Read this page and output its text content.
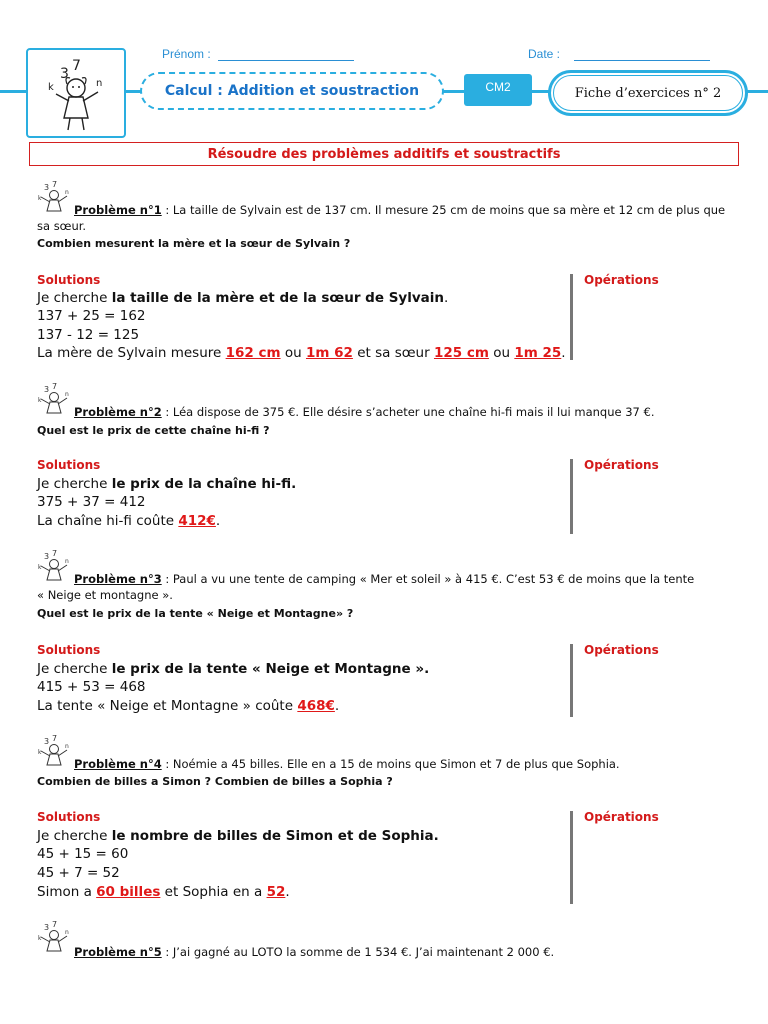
3 7
k	n
Prénom :	Date :
Calcul : Addition et soustraction	CM2	Fiche d’exercices n° 2
Résoudre des problèmes additifs et soustractifs
Problème n°1 : La taille de Sylvain est de 137 cm. Il mesure 25 cm de moins que sa mère et 12 cm de plus que
sa sœur.
Combien mesurent la mère et la sœur de Sylvain ?
Solutions	Opérations
Je cherche la taille de la mère et de la sœur de Sylvain.
137 + 25 = 162
137 - 12 = 125
La mère de Sylvain mesure 162 cm ou 1m 62 et sa sœur 125 cm ou 1m 25.
Problème n°2 : Léa dispose de 375 €. Elle désire s’acheter une chaîne hi-fi mais il lui manque 37 €.
Quel est le prix de cette chaîne hi-fi ?
Solutions	Opérations
Je cherche le prix de la chaîne hi-fi.
375 + 37 = 412
La chaîne hi-fi coûte 412€.
Problème n°3 : Paul a vu une tente de camping « Mer et soleil » à 415 €. C’est 53 € de moins que la tente
« Neige et montagne ».
Quel est le prix de la tente « Neige et Montagne» ?
Solutions	Opérations
Je cherche le prix de la tente « Neige et Montagne ».
415 + 53 = 468
La tente « Neige et Montagne » coûte 468€.
Problème n°4 : Noémie a 45 billes. Elle en a 15 de moins que Simon et 7 de plus que Sophia.
Combien de billes a Simon ? Combien de billes a Sophia ?
Solutions	Opérations
Je cherche le nombre de billes de Simon et de Sophia.
45 + 15 = 60
45 + 7 = 52
Simon a 60 billes et Sophia en a 52.
Problème n°5 : J’ai gagné au LOTO la somme de 1 534 €. J’ai maintenant 2 000 €.
